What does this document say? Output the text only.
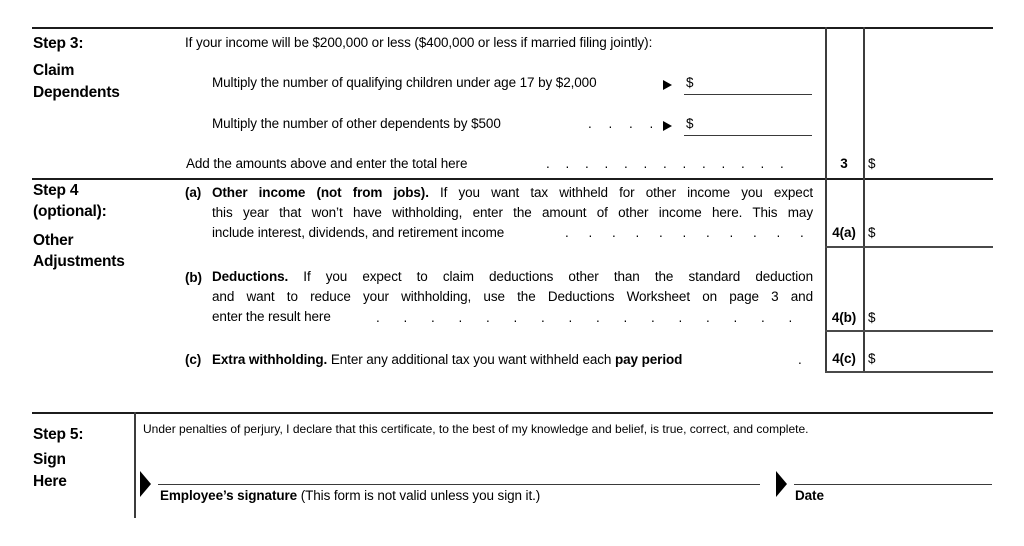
Step 3:
Claim
Dependents
If your income will be $200,000 or less ($400,000 or less if married filing jointly):
Multiply the number of qualifying children under age 17 by $2,000	$
Multiply the number of other dependents by $500	. . . .	$
Add the amounts above and enter the total here	. . . . . . . . . . . . .	3	$
Step 4
(optional):
Other
Adjustments
(a) Other income (not from jobs). If you want tax withheld for other income you expect
this year that won’t have withholding, enter the amount of other income here. This may
include interest, dividends, and retirement income	. . . . . . . . . . .	4(a) $
(b) Deductions. If you expect to claim deductions other than the standard deduction
and want to reduce your withholding, use the Deductions Worksheet on page 3 and
enter the result here	. . . . . . . . . . . . . . . .	4(b) $
(c) Extra withholding. Enter any additional tax you want withheld each pay period	.	4(c) $
Step 5:
Sign
Here
Under penalties of perjury, I declare that this certificate, to the best of my knowledge and belief, is true, correct, and complete.
Employee’s signature (This form is not valid unless you sign it.)	Date
